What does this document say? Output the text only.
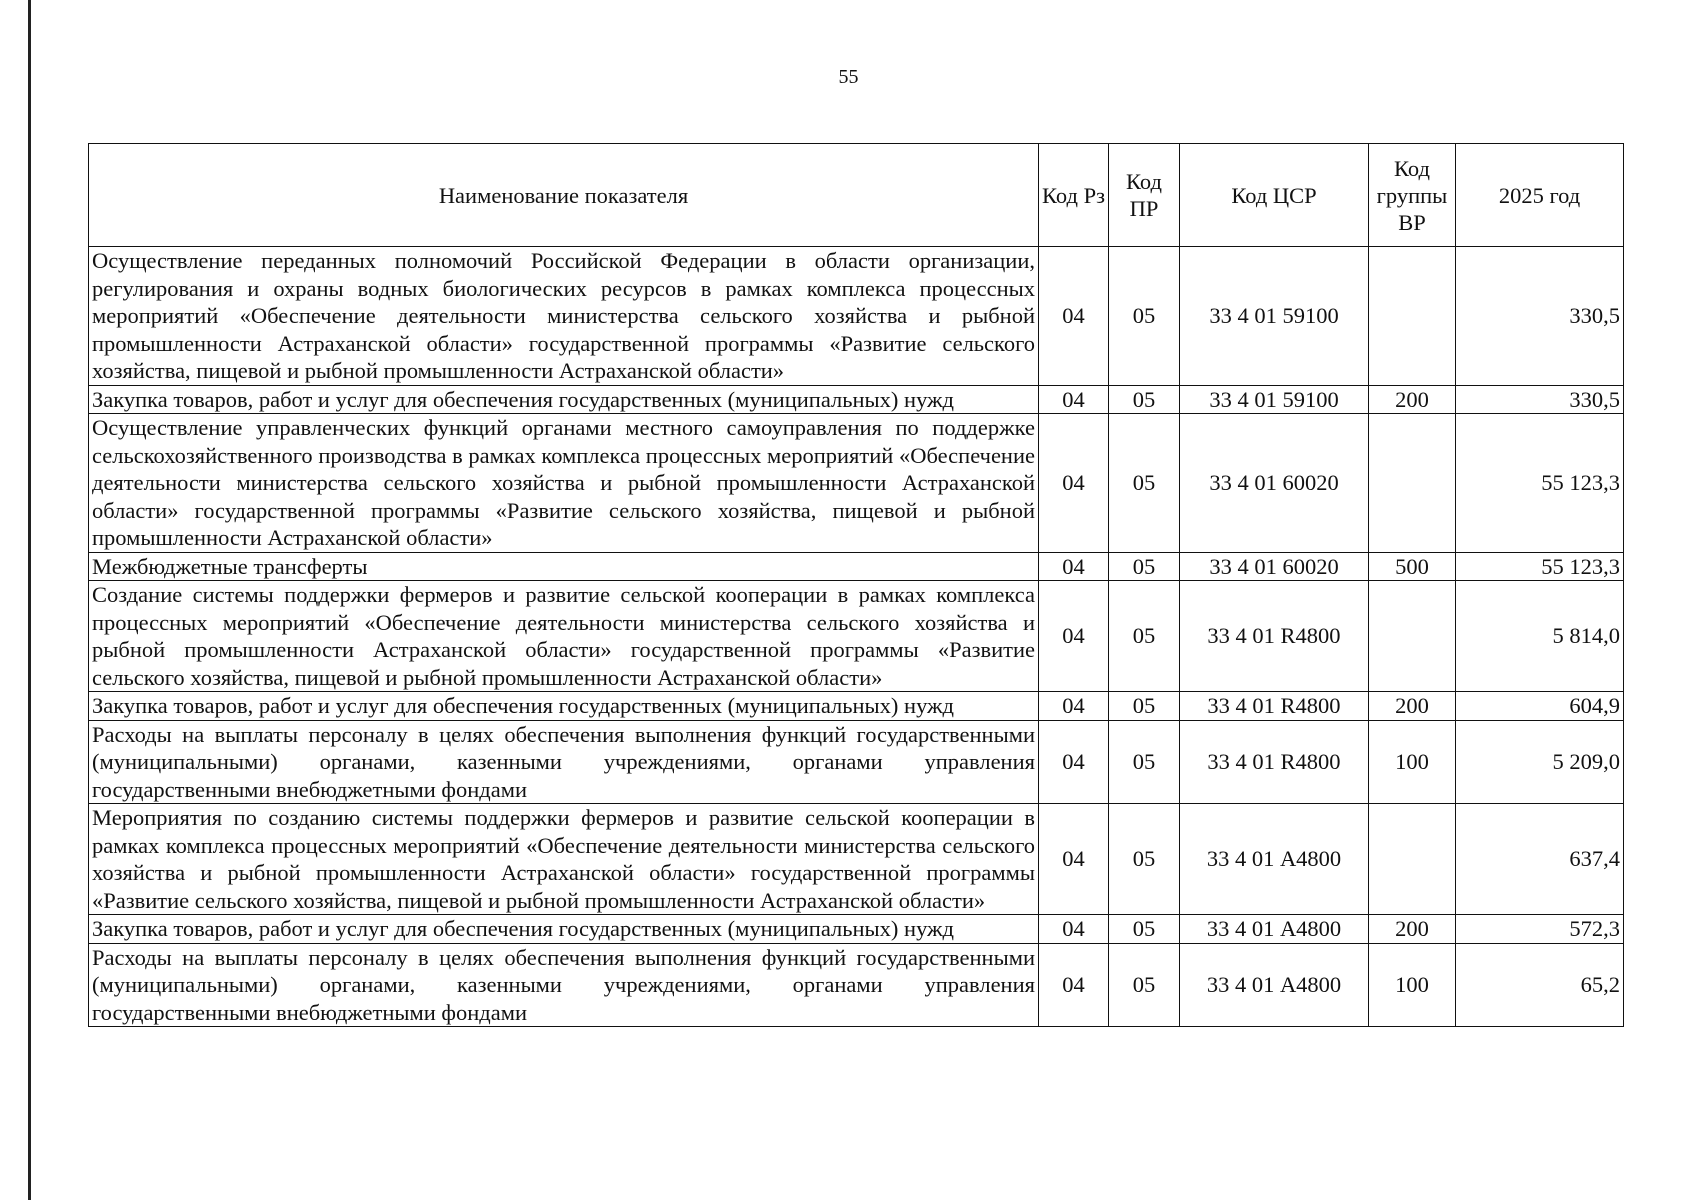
55
Наименование показателя	Код Рз	Код ПР	Код ЦСР	Код группы ВР	2025 год
Осуществление переданных полномочий Российской Федерации в области организации, регулирования и охраны водных биологических ресурсов в рамках комплекса процессных мероприятий «Обеспечение деятельности министерства сельского хозяйства и рыбной промышленности Астраханской области» государственной программы «Развитие сельского хозяйства, пищевой и рыбной промышленности Астраханской области»	04	05	33 4 01 59100		330,5
Закупка товаров, работ и услуг для обеспечения государственных (муниципальных) нужд	04	05	33 4 01 59100	200	330,5
Осуществление управленческих функций органами местного самоуправления по поддержке сельскохозяйственного производства в рамках комплекса процессных мероприятий «Обеспечение деятельности министерства сельского хозяйства и рыбной промышленности Астраханской области» государственной программы «Развитие сельского хозяйства, пищевой и рыбной промышленности Астраханской области»	04	05	33 4 01 60020		55 123,3
Межбюджетные трансферты	04	05	33 4 01 60020	500	55 123,3
Создание системы поддержки фермеров и развитие сельской кооперации в рамках комплекса процессных мероприятий «Обеспечение деятельности министерства сельского хозяйства и рыбной промышленности Астраханской области» государственной программы «Развитие сельского хозяйства, пищевой и рыбной промышленности Астраханской области»	04	05	33 4 01 R4800		5 814,0
Закупка товаров, работ и услуг для обеспечения государственных (муниципальных) нужд	04	05	33 4 01 R4800	200	604,9
Расходы на выплаты персоналу в целях обеспечения выполнения функций государственными (муниципальными) органами, казенными учреждениями, органами управления государственными внебюджетными фондами	04	05	33 4 01 R4800	100	5 209,0
Мероприятия по созданию системы поддержки фермеров и развитие сельской кооперации в рамках комплекса процессных мероприятий «Обеспечение деятельности министерства сельского хозяйства и рыбной промышленности Астраханской области» государственной программы «Развитие сельского хозяйства, пищевой и рыбной промышленности Астраханской области»	04	05	33 4 01 А4800		637,4
Закупка товаров, работ и услуг для обеспечения государственных (муниципальных) нужд	04	05	33 4 01 А4800	200	572,3
Расходы на выплаты персоналу в целях обеспечения выполнения функций государственными (муниципальными) органами, казенными учреждениями, органами управления государственными внебюджетными фондами	04	05	33 4 01 А4800	100	65,2
